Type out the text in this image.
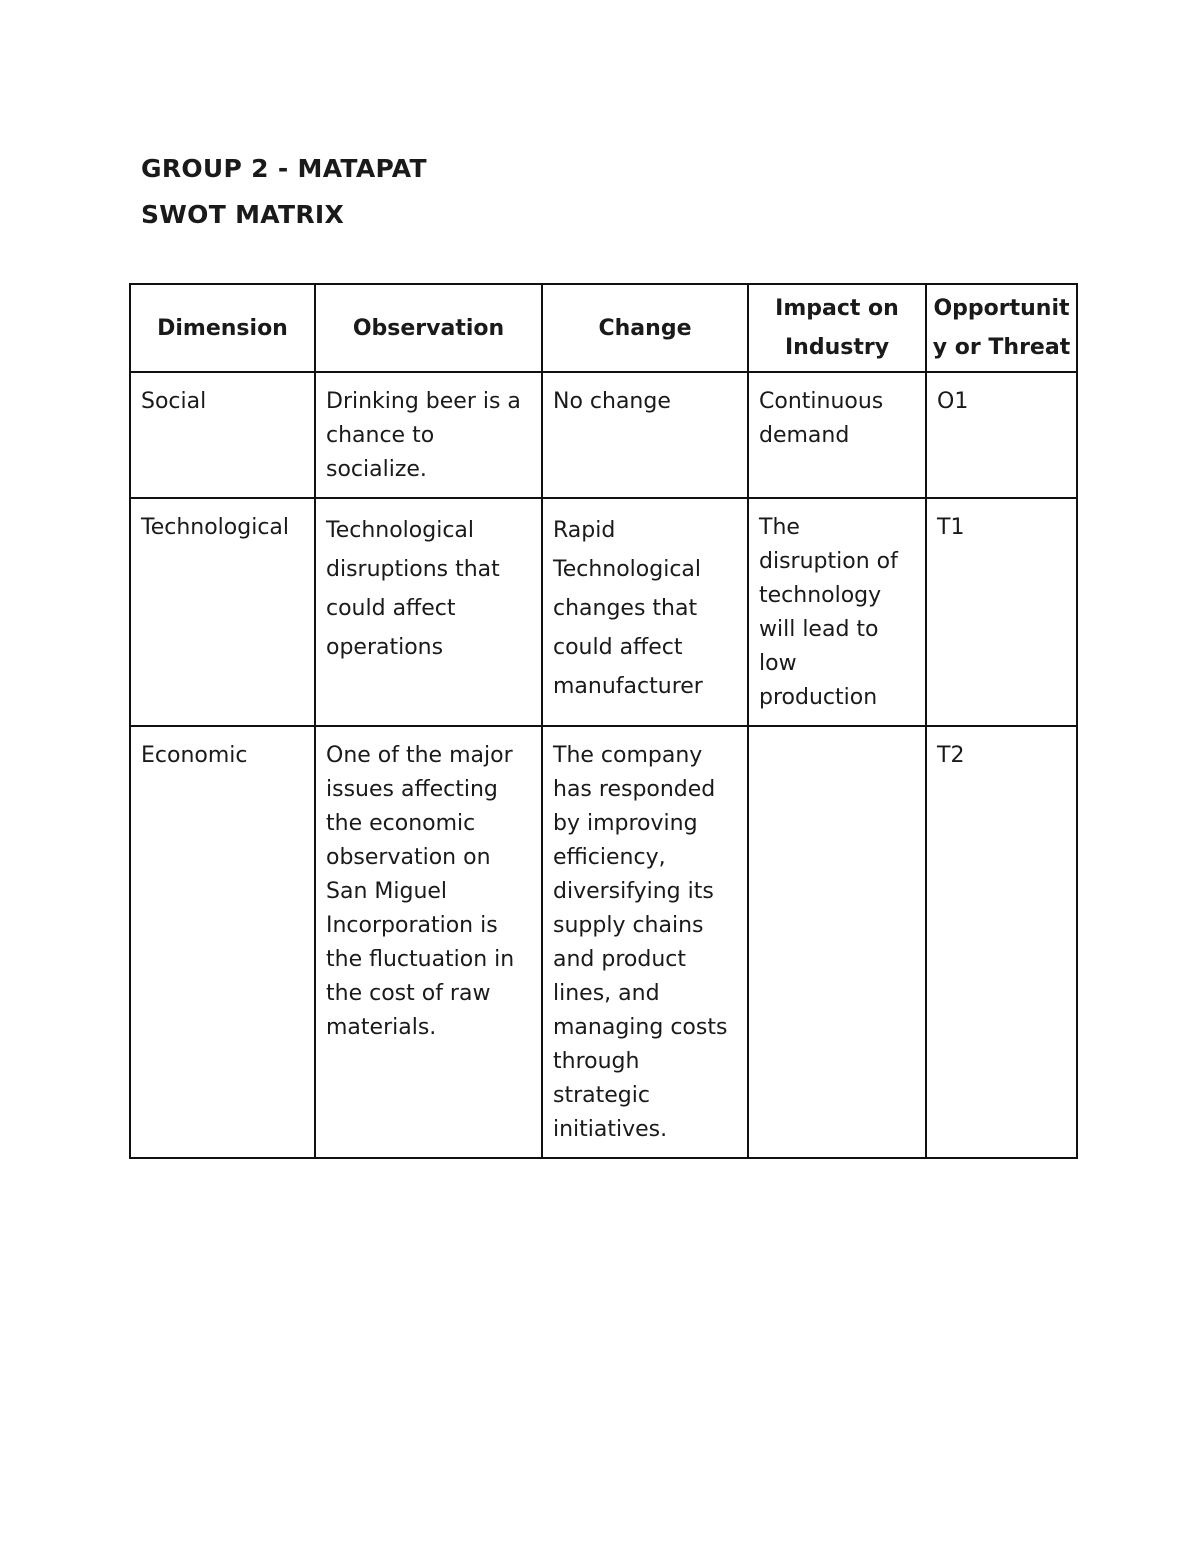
GROUP 2 - MATAPAT

SWOT MATRIX

Dimension	Observation	Change	Impact on Industry	Opportunity or Threat
Social	Drinking beer is a chance to socialize.	No change	Continuous demand	O1
Technological	Technological disruptions that could affect operations	Rapid Technological changes that could affect manufacturer	The disruption of technology will lead to low production	T1
Economic	One of the major issues affecting the economic observation on San Miguel Incorporation is the fluctuation in the cost of raw materials.	The company has responded by improving efficiency, diversifying its supply chains and product lines, and managing costs through strategic initiatives.		T2
